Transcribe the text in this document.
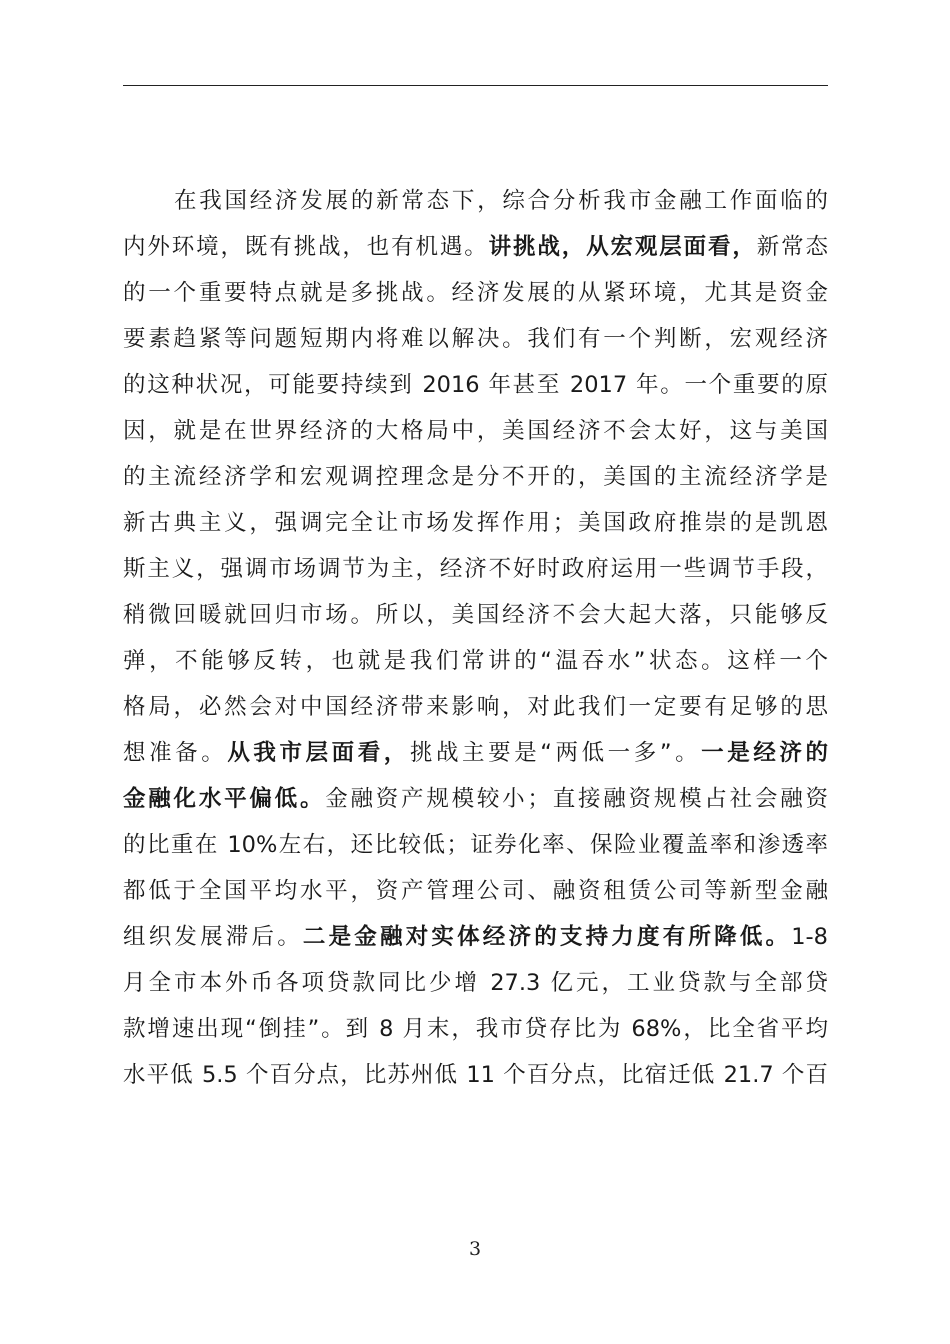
在我国经济发展的新常态下，综合分析我市金融工作面临的
内外环境，既有挑战，也有机遇。讲挑战，从宏观层面看，新常态
的一个重要特点就是多挑战。经济发展的从紧环境，尤其是资金
要素趋紧等问题短期内将难以解决。我们有一个判断，宏观经济
的这种状况，可能要持续到 2016 年甚至 2017 年。一个重要的原
因，就是在世界经济的大格局中，美国经济不会太好，这与美国
的主流经济学和宏观调控理念是分不开的，美国的主流经济学是
新古典主义，强调完全让市场发挥作用；美国政府推崇的是凯恩
斯主义，强调市场调节为主，经济不好时政府运用一些调节手段，
稍微回暖就回归市场。所以，美国经济不会大起大落，只能够反
弹，不能够反转，也就是我们常讲的“温吞水”状态。这样一个
格局，必然会对中国经济带来影响，对此我们一定要有足够的思
想准备。从我市层面看，挑战主要是“两低一多”。一是经济的
金融化水平偏低。金融资产规模较小；直接融资规模占社会融资
的比重在 10%左右，还比较低；证券化率、保险业覆盖率和渗透率
都低于全国平均水平，资产管理公司、融资租赁公司等新型金融
组织发展滞后。二是金融对实体经济的支持力度有所降低。1-8
月全市本外币各项贷款同比少增 27.3 亿元，工业贷款与全部贷
款增速出现“倒挂”。到 8 月末，我市贷存比为 68%，比全省平均
水平低 5.5 个百分点，比苏州低 11 个百分点，比宿迁低 21.7 个百
3
